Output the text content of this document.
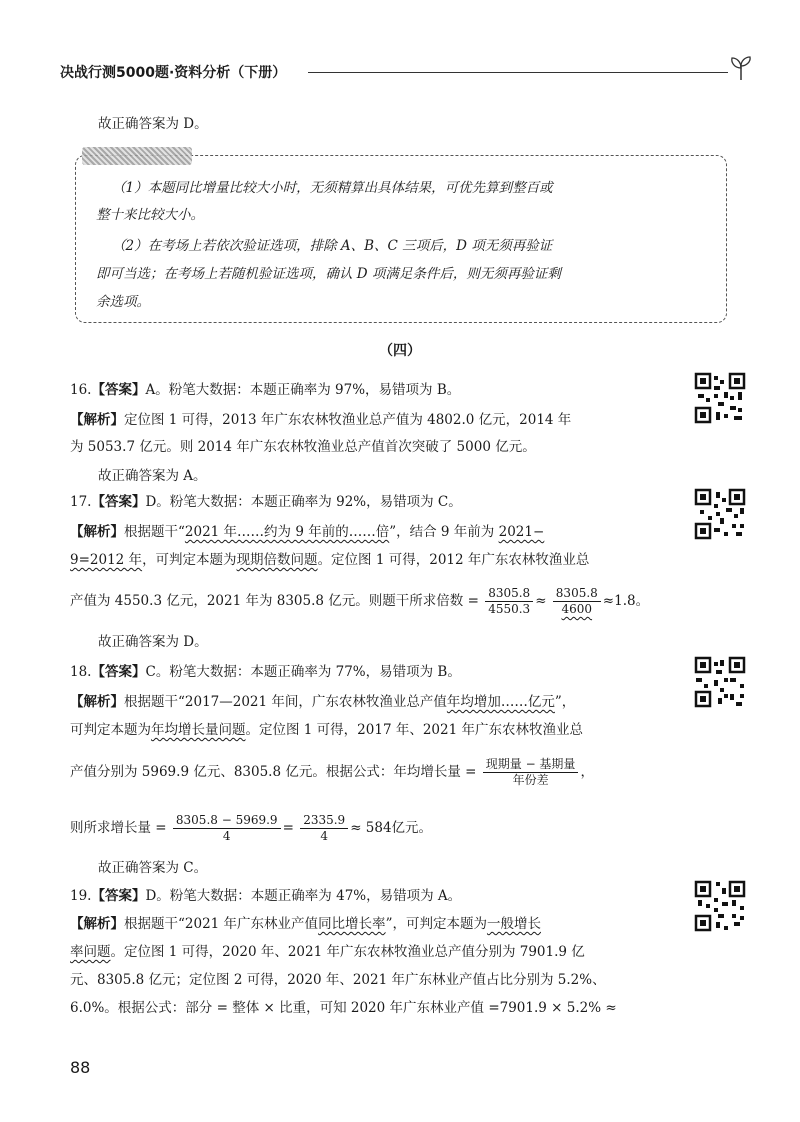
决战行测5000题·资料分析（下册）
故正确答案为 D。
（1）本题同比增量比较大小时，无须精算出具体结果，可优先算到整百或
整十来比较大小。
（2）在考场上若依次验证选项，排除 A、B、C 三项后，D 项无须再验证
即可当选；在考场上若随机验证选项，确认 D 项满足条件后，则无须再验证剩
余选项。
（四）
16.【答案】A。粉笔大数据：本题正确率为 97%，易错项为 B。
【解析】定位图 1 可得，2013 年广东农林牧渔业总产值为 4802.0 亿元，2014 年
为 5053.7 亿元。则 2014 年广东农林牧渔业总产值首次突破了 5000 亿元。
故正确答案为 A。
17.【答案】D。粉笔大数据：本题正确率为 92%，易错项为 C。
【解析】根据题干“2021 年……约为 9 年前的……倍”，结合 9 年前为 2021−
9=2012 年，可判定本题为现期倍数问题。定位图 1 可得，2012 年广东农林牧渔业总
产值为 4550.3 亿元，2021 年为 8305.8 亿元。则题干所求倍数 = $\frac{8305.8}{4550.3} \approx \frac{8305.8}{4600} \approx 1.8$。
故正确答案为 D。
18.【答案】C。粉笔大数据：本题正确率为 77%，易错项为 B。
【解析】根据题干“2017—2021 年间，广东农林牧渔业总产值年均增加……亿元”，
可判定本题为年均增长量问题。定位图 1 可得，2017 年、2021 年广东农林牧渔业总
产值分别为 5969.9 亿元、8305.8 亿元。根据公式：年均增长量 = $\frac{\text{现期量 − 基期量}}{\text{年份差}}$ ，
则所求增长量 = $\frac{8305.8 - 5969.9}{4} = \frac{2335.9}{4} \approx 584$亿元。
故正确答案为 C。
19.【答案】D。粉笔大数据：本题正确率为 47%，易错项为 A。
【解析】根据题干“2021 年广东林业产值同比增长率”，可判定本题为一般增长
率问题。定位图 1 可得，2020 年、2021 年广东农林牧渔业总产值分别为 7901.9 亿
元、8305.8 亿元；定位图 2 可得，2020 年、2021 年广东林业产值占比分别为 5.2%、
6.0%。根据公式：部分 = 整体 × 比重，可知 2020 年广东林业产值 =7901.9 × 5.2% ≈
88
